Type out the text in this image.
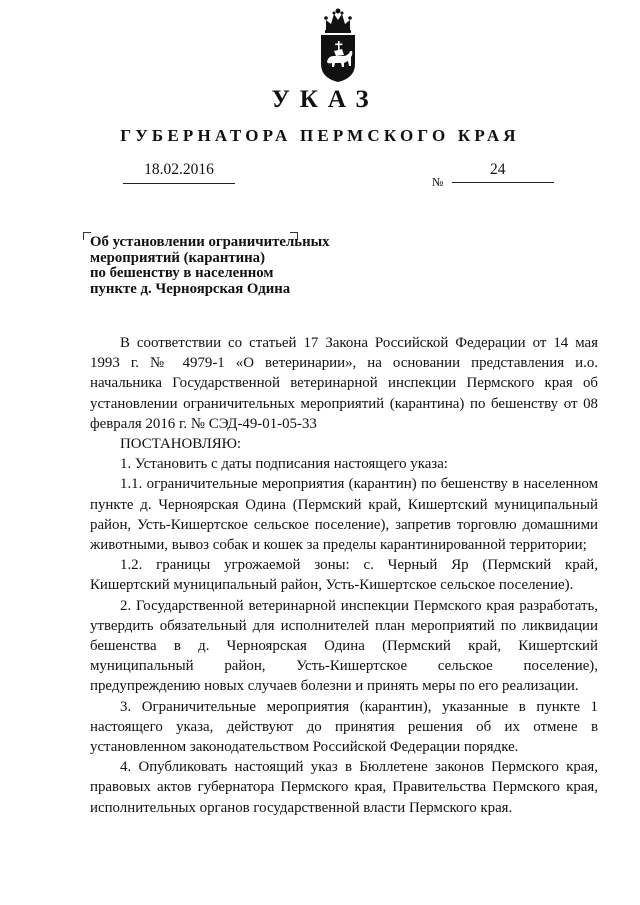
УКАЗ
ГУБЕРНАТОРА ПЕРМСКОГО КРАЯ
18.02.2016
№
24
Об установлении ограничительных
мероприятий (карантина)
по бешенству в населенном
пункте д. Черноярская Одина

В соответствии со статьей 17 Закона Российской Федерации от 14 мая 1993 г. № 4979-1 «О ветеринарии», на основании представления и.о. начальника Государственной ветеринарной инспекции Пермского края об установлении ограничительных мероприятий (карантина) по бешенству от 08 февраля 2016 г. № СЭД-49-01-05-33

ПОСТАНОВЛЯЮ:

1. Установить с даты подписания настоящего указа:

1.1. ограничительные мероприятия (карантин) по бешенству в населенном пункте д. Черноярская Одина (Пермский край, Кишертский муниципальный район, Усть-Кишертское сельское поселение), запретив торговлю домашними животными, вывоз собак и кошек за пределы карантинированной территории;

1.2. границы угрожаемой зоны: с. Черный Яр (Пермский край, Кишертский муниципальный район, Усть-Кишертское сельское поселение).

2. Государственной ветеринарной инспекции Пермского края разработать, утвердить обязательный для исполнителей план мероприятий по ликвидации бешенства в д. Черноярская Одина (Пермский край, Кишертский муниципальный район, Усть-Кишертское сельское поселение), предупреждению новых случаев болезни и принять меры по его реализации.

3. Ограничительные мероприятия (карантин), указанные в пункте 1 настоящего указа, действуют до принятия решения об их отмене в установленном законодательством Российской Федерации порядке.

4. Опубликовать настоящий указ в Бюллетене законов Пермского края, правовых актов губернатора Пермского края, Правительства Пермского края, исполнительных органов государственной власти Пермского края.
